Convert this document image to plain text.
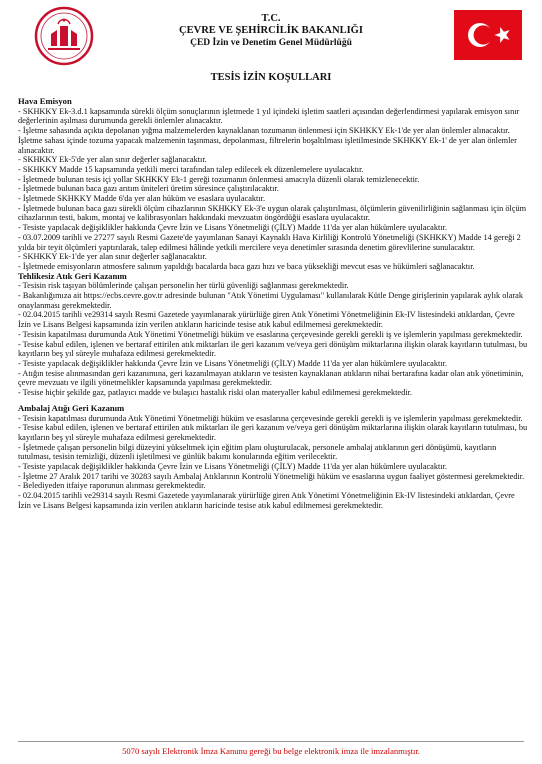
T.C.
ÇEVRE VE ŞEHİRCİLİK BAKANLIĞI
ÇED İzin ve Denetim Genel Müdürlüğü
TESİS İZİN KOŞULLARI
Hava Emisyon
- SKHKKY Ek-3.d.1 kapsamında sürekli ölçüm sonuçlarının işletmede 1 yıl içindeki işletim saatleri açısından değerlendirmesi yapılarak emisyon sınır değerlerinin aşılması durumunda gerekli önlemler alınacaktır.
- İşletme sahasında açıkta depolanan yığma malzemelerden kaynaklanan tozumanın önlenmesi için SKHKKY Ek-1'de yer alan önlemler alınacaktır. İşletme sahası içinde tozuma yapacak malzemenin taşınması, depolanması, filtrelerin boşaltılması işletilmesinde SKHKKY Ek-1' de yer alan önlemler alınacaktır.
- SKHKKY Ek-5'de yer alan sınır değerler sağlanacaktır.
- SKHKKY Madde 15 kapsamında yetkili merci tarafından talep edilecek ek düzenlemelere uyulacaktır.
- İşletmede bulunan tesis içi yollar SKHKKY Ek-1 gereği tozumanın önlenmesi amacıyla düzenli olarak temizlenecektir.
- İşletmede bulunan baca gazı arıtım üniteleri üretim süresince çalıştırılacaktır.
- İşletmede SKHKKY Madde 6'da yer alan hüküm ve esaslara uyulacaktır.
- İşletmede bulunan baca gazı sürekli ölçüm cihazlarının SKHKKY Ek-3'e uygun olarak çalıştırılması, ölçümlerin güvenilirliğinin sağlanması için ölçüm cihazlarının testi, bakım, montaj ve kalibrasyonları hakkındaki mevzuatın öngördüğü esaslara uyulacaktır.
- Tesiste yapılacak değişiklikler hakkında Çevre İzin ve Lisans Yönetmeliği (ÇİLY) Madde 11'da yer alan hükümlere uyulacaktır.
- 03.07.2009 tarihli ve 27277 sayılı Resmi Gazete'de yayımlanan Sanayi Kaynaklı Hava Kirliliği Kontrolü Yönetmeliği (SKHKKY) Madde 14 gereği 2 yılda bir teyit ölçümleri yaptırılarak, talep edilmesi hâlinde yetkili mercilere veya denetimler sırasında denetim görevlilerine sunulacaktır.
- SKHKKY Ek-1'de yer alan sınır değerler sağlanacaktır.
- İşletmede emisyonların atmosfere salınım yapıldığı bacalarda baca gazı hızı ve baca yüksekliği mevcut esas ve hükümleri sağlanacaktır.
Tehlikesiz Atık Geri Kazanım
- Tesisin risk taşıyan bölümlerinde çalışan personelin her türlü güvenliği sağlanması gerekmektedir.
- Bakanlığımıza ait https://ecbs.cevre.gov.tr adresinde bulunan "Atık Yönetimi Uygulaması" kullanılarak Kütle Denge girişlerinin yapılarak aylık olarak onaylanması gerekmektedir.
- 02.04.2015 tarihli ve29314 sayılı Resmi Gazetede yayımlanarak yürürlüğe giren Atık Yönetimi Yönetmeliğinin Ek-IV listesindeki atıklardan, Çevre İzin ve Lisans Belgesi kapsamında izin verilen atıkların haricinde tesise atık kabul edilmemesi gerekmektedir.
- Tesisin kapatılması durumunda Atık Yönetimi Yönetmeliği hüküm ve esaslarına çerçevesinde gerekli gerekli iş ve işlemlerin yapılması gerekmektedir.
- Tesise kabul edilen, işlenen ve bertaraf ettirilen atık miktarları ile geri kazanım ve/veya geri dönüşüm miktarlarına ilişkin olarak kayıtların tutulması, bu kayıtların beş yıl süreyle muhafaza edilmesi gerekmektedir.
- Tesiste yapılacak değişiklikler hakkında Çevre İzin ve Lisans Yönetmeliği (ÇİLY) Madde 11'da yer alan hükümlere uyulacaktır.
- Atığın tesise alınmasından geri kazanımına, geri kazanılmayan atıkların ve tesisten kaynaklanan atıkların nihai bertarafına kadar olan atık yönetiminin, çevre mevzuatı ve ilgili yönetmelikler kapsamında yapılması gerekmektedir.
- Tesise hiçbir şekilde gaz, patlayıcı madde ve bulaşıcı hastalık riski olan materyaller kabul edilmemesi gerekmektedir.
Ambalaj Atığı Geri Kazanım
- Tesisin kapatılması durumunda Atık Yönetimi Yönetmeliği hüküm ve esaslarına çerçevesinde gerekli gerekli iş ve işlemlerin yapılması gerekmektedir.
- Tesise kabul edilen, işlenen ve bertaraf ettirilen atık miktarları ile geri kazanım ve/veya geri dönüşüm miktarlarına ilişkin olarak kayıtların tutulması, bu kayıtların beş yıl süreyle muhafaza edilmesi gerekmektedir.
- İşletmede çalışan personelin bilgi düzeyini yükseltmek için eğitim planı oluşturulacak, personele ambalaj atıklarının geri dönüşümü, kayıtların tutulması, tesisin temizliği, düzenli işletilmesi ve günlük bakımı konularında eğitim verilecektir.
- Tesiste yapılacak değişiklikler hakkında Çevre İzin ve Lisans Yönetmeliği (ÇİLY) Madde 11'da yer alan hükümlere uyulacaktır.
- İşletme 27 Aralık 2017 tarihi ve 30283 sayılı Ambalaj Atıklarının Kontrolü Yönetmeliği hüküm ve esaslarına uygun faaliyet göstermesi gerekmektedir.
- Belediyeden itfaiye raporunun alınması gerekmektedir.
- 02.04.2015 tarihli ve29314 sayılı Resmi Gazetede yayımlanarak yürürlüğe giren Atık Yönetimi Yönetmeliğinin Ek-IV listesindeki atıklardan, Çevre İzin ve Lisans Belgesi kapsamında izin verilen atıkların haricinde tesise atık kabul edilmemesi gerekmektedir.
5070 sayılı Elektronik İmza Kanunu gereği bu belge elektronik imza ile imzalanmıştır.
